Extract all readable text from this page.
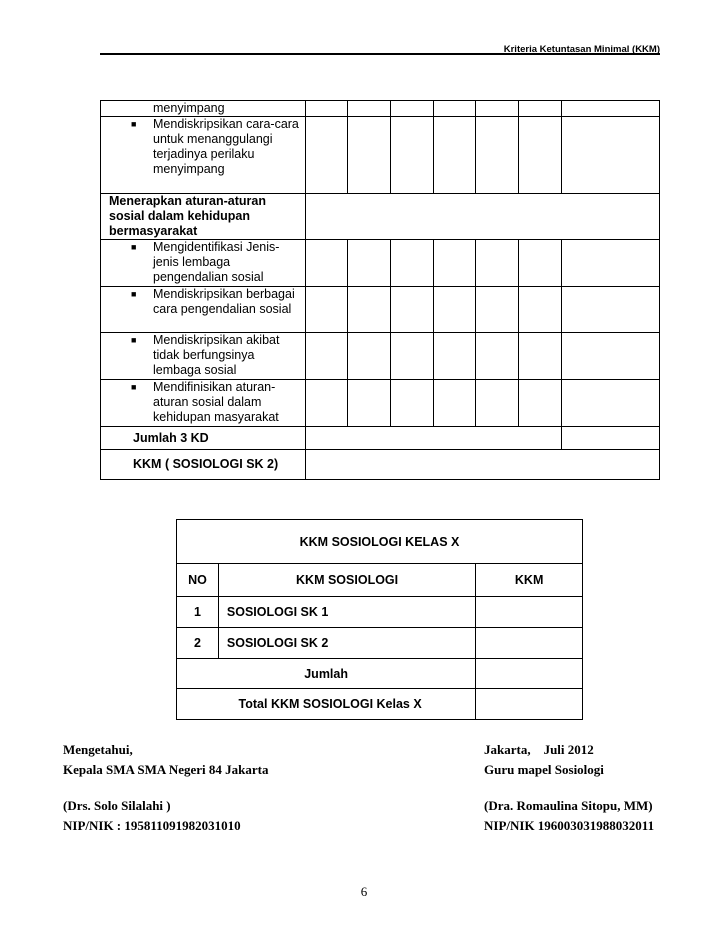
Kriteria Ketuntasan Minimal (KKM)
menyimpang							

■ Mendiskripsikan cara-cara untuk menanggulangi terjadinya perilaku menyimpang							

Menerapkan aturan-aturan sosial dalam kehidupan bermasyarakat							

■ Mengidentifikasi Jenis-jenis lembaga pengendalian sosial							

■ Mendiskripsikan berbagai cara pengendalian sosial							

■ Mendiskripsikan akibat tidak berfungsinya lembaga sosial							

■ Mendifinisikan aturan-aturan sosial dalam kehidupan masyarakat							

Jumlah 3 KD							
KKM ( SOSIOLOGI SK 2)							
KKM SOSIOLOGI KELAS X		
NO	KKM SOSIOLOGI	KKM
1	SOSIOLOGI SK 1	
2	SOSIOLOGI SK 2	
Jumlah		
Total KKM SOSIOLOGI Kelas X		
Mengetahui,
Kepala SMA SMA Negeri 84 Jakarta
(Drs. Solo Silalahi )
NIP/NIK : 195811091982031010
Jakarta,    Juli 2012
Guru mapel Sosiologi
(Dra. Romaulina Sitopu, MM)
NIP/NIK 196003031988032011
6
